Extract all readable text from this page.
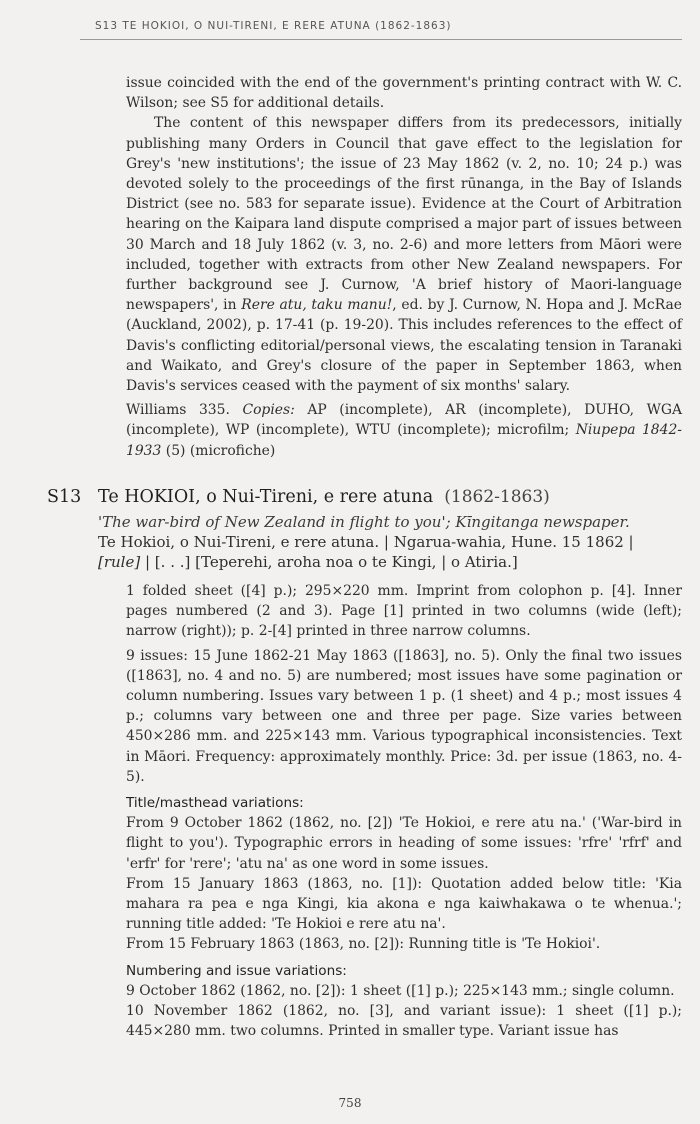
S13 TE HOKIOI, O NUI-TIRENI, E RERE ATUNA (1862-1863)

issue coincided with the end of the government's printing contract with W. C. Wilson; see S5 for additional details.

The content of this newspaper differs from its predecessors, initially publishing many Orders in Council that gave effect to the legislation for Grey's 'new institutions'; the issue of 23 May 1862 (v. 2, no. 10; 24 p.) was devoted solely to the proceedings of the first rūnanga, in the Bay of Islands District (see no. 583 for separate issue). Evidence at the Court of Arbitration hearing on the Kaipara land dispute comprised a major part of issues between 30 March and 18 July 1862 (v. 3, no. 2-6) and more letters from Māori were included, together with extracts from other New Zealand newspapers. For further background see J. Curnow, 'A brief history of Maori-language newspapers', in Rere atu, taku manu!, ed. by J. Curnow, N. Hopa and J. McRae (Auckland, 2002), p. 17-41 (p. 19-20). This includes references to the effect of Davis's conflicting editorial/personal views, the escalating tension in Taranaki and Waikato, and Grey's closure of the paper in September 1863, when Davis's services ceased with the payment of six months' salary.

Williams 335. Copies: AP (incomplete), AR (incomplete), DUHO, WGA (incomplete), WP (incomplete), WTU (incomplete); microfilm; Niupepa 1842-1933 (5) (microfiche)

S13 Te HOKIOI, o Nui-Tireni, e rere atuna (1862-1863)

'The war-bird of New Zealand in flight to you'; Kīngitanga newspaper.

Te Hokioi, o Nui-Tireni, e rere atuna. | Ngarua-wahia, Hune. 15 1862 |
[rule] | [. . .] [Teperehi, aroha noa o te Kingi, | o Atiria.]

1 folded sheet ([4] p.); 295×220 mm. Imprint from colophon p. [4]. Inner pages numbered (2 and 3). Page [1] printed in two columns (wide (left); narrow (right)); p. 2-[4] printed in three narrow columns.

9 issues: 15 June 1862-21 May 1863 ([1863], no. 5). Only the final two issues ([1863], no. 4 and no. 5) are numbered; most issues have some pagination or column numbering. Issues vary between 1 p. (1 sheet) and 4 p.; most issues 4 p.; columns vary between one and three per page. Size varies between 450×286 mm. and 225×143 mm. Various typographical inconsistencies. Text in Māori. Frequency: approximately monthly. Price: 3d. per issue (1863, no. 4-5).

Title/masthead variations:

From 9 October 1862 (1862, no. [2]) 'Te Hokioi, e rere atu na.' ('War-bird in flight to you'). Typographic errors in heading of some issues: 'rfre' 'rfrf' and 'erfr' for 'rere'; 'atu na' as one word in some issues.

From 15 January 1863 (1863, no. [1]): Quotation added below title: 'Kia mahara ra pea e nga Kingi, kia akona e nga kaiwhakawa o te whenua.'; running title added: 'Te Hokioi e rere atu na'.

From 15 February 1863 (1863, no. [2]): Running title is 'Te Hokioi'.

Numbering and issue variations:

9 October 1862 (1862, no. [2]): 1 sheet ([1] p.); 225×143 mm.; single column.

10 November 1862 (1862, no. [3], and variant issue): 1 sheet ([1] p.); 445×280 mm. two columns. Printed in smaller type. Variant issue has

758
